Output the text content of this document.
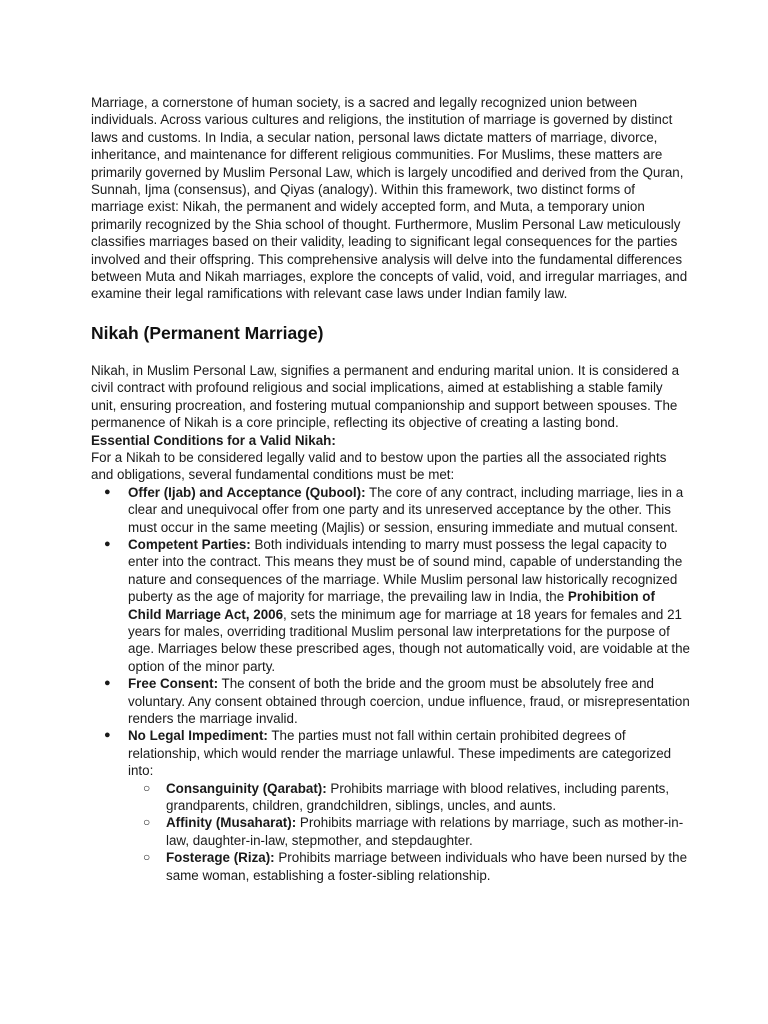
Marriage, a cornerstone of human society, is a sacred and legally recognized union between individuals. Across various cultures and religions, the institution of marriage is governed by distinct laws and customs. In India, a secular nation, personal laws dictate matters of marriage, divorce, inheritance, and maintenance for different religious communities. For Muslims, these matters are primarily governed by Muslim Personal Law, which is largely uncodified and derived from the Quran, Sunnah, Ijma (consensus), and Qiyas (analogy). Within this framework, two distinct forms of marriage exist: Nikah, the permanent and widely accepted form, and Muta, a temporary union primarily recognized by the Shia school of thought. Furthermore, Muslim Personal Law meticulously classifies marriages based on their validity, leading to significant legal consequences for the parties involved and their offspring. This comprehensive analysis will delve into the fundamental differences between Muta and Nikah marriages, explore the concepts of valid, void, and irregular marriages, and examine their legal ramifications with relevant case laws under Indian family law.

Nikah (Permanent Marriage)

Nikah, in Muslim Personal Law, signifies a permanent and enduring marital union. It is considered a civil contract with profound religious and social implications, aimed at establishing a stable family unit, ensuring procreation, and fostering mutual companionship and support between spouses. The permanence of Nikah is a core principle, reflecting its objective of creating a lasting bond.

Essential Conditions for a Valid Nikah:

For a Nikah to be considered legally valid and to bestow upon the parties all the associated rights and obligations, several fundamental conditions must be met:

● Offer (Ijab) and Acceptance (Qubool): The core of any contract, including marriage, lies in a clear and unequivocal offer from one party and its unreserved acceptance by the other. This must occur in the same meeting (Majlis) or session, ensuring immediate and mutual consent.
● Competent Parties: Both individuals intending to marry must possess the legal capacity to enter into the contract. This means they must be of sound mind, capable of understanding the nature and consequences of the marriage. While Muslim personal law historically recognized puberty as the age of majority for marriage, the prevailing law in India, the Prohibition of Child Marriage Act, 2006, sets the minimum age for marriage at 18 years for females and 21 years for males, overriding traditional Muslim personal law interpretations for the purpose of age. Marriages below these prescribed ages, though not automatically void, are voidable at the option of the minor party.
● Free Consent: The consent of both the bride and the groom must be absolutely free and voluntary. Any consent obtained through coercion, undue influence, fraud, or misrepresentation renders the marriage invalid.
● No Legal Impediment: The parties must not fall within certain prohibited degrees of relationship, which would render the marriage unlawful. These impediments are categorized into:
○ Consanguinity (Qarabat): Prohibits marriage with blood relatives, including parents, grandparents, children, grandchildren, siblings, uncles, and aunts.
○ Affinity (Musaharat): Prohibits marriage with relations by marriage, such as mother-in-law, daughter-in-law, stepmother, and stepdaughter.
○ Fosterage (Riza): Prohibits marriage between individuals who have been nursed by the same woman, establishing a foster-sibling relationship.
